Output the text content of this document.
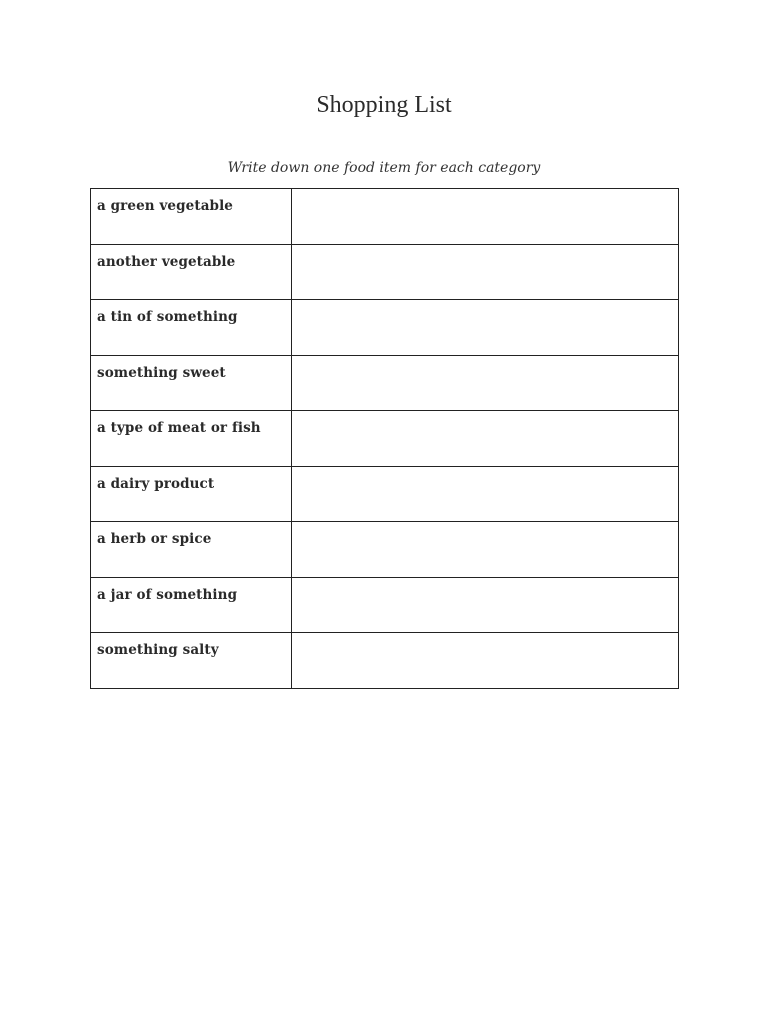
Shopping List

Write down one food item for each category

a green vegetable	

another vegetable	

a tin of something	

something sweet	

a type of meat or fish	

a dairy product	

a herb or spice	

a jar of something	

something salty	
